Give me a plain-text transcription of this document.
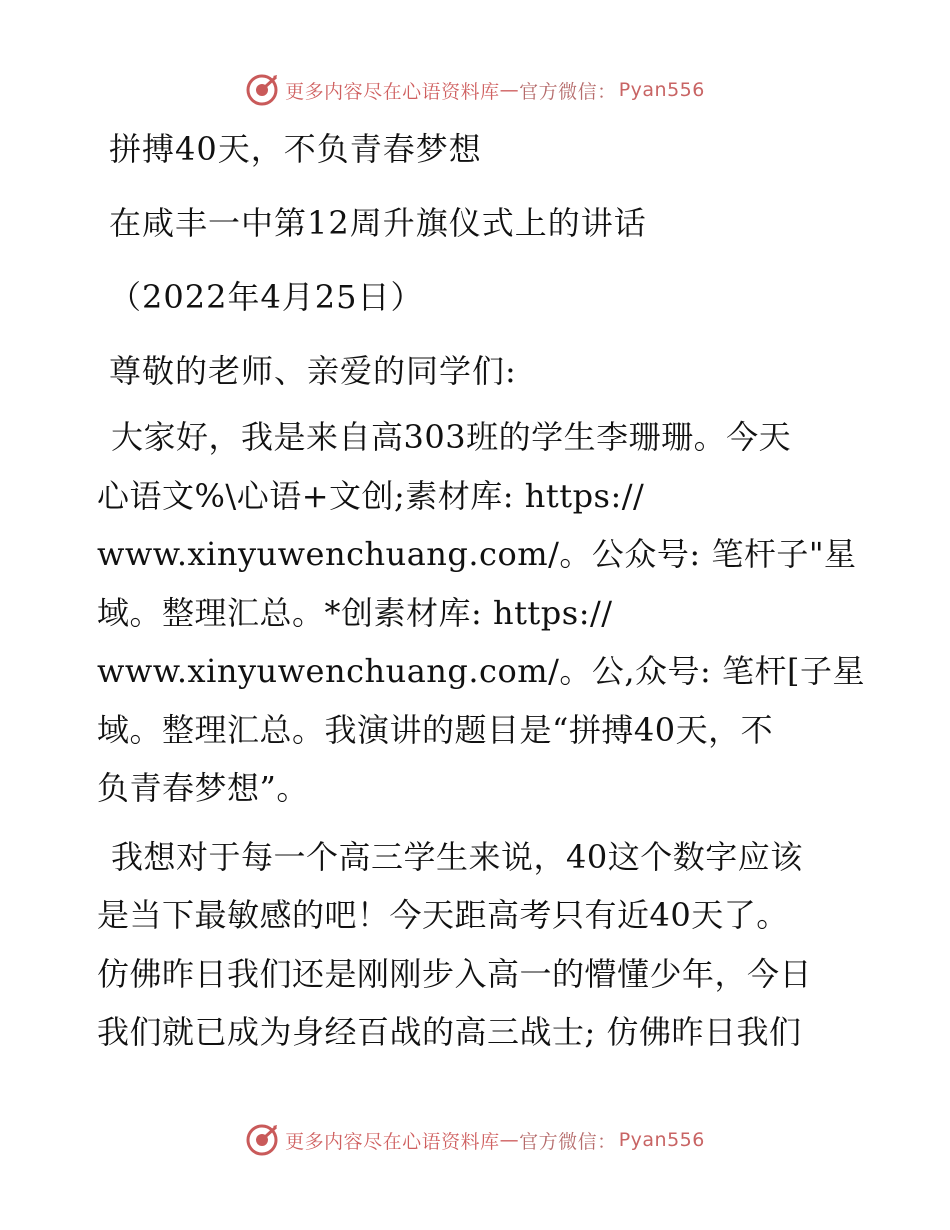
更多内容尽在心语资料库 — 官方微信： Pyan556
拼搏40天，不负青春梦想
在咸丰一中第12周升旗仪式上的讲话
（2022年4月25日）
尊敬的老师、亲爱的同学们:
大家好，我是来自高303班的学生李珊珊。今天
心语文%\心语+文创;素材库: https://
www.xinyuwenchuang.com/。公众号: 笔杆子"星
域。整理汇总。*创素材库: https://
www.xinyuwenchuang.com/。公,众号: 笔杆[子星
域。整理汇总。我演讲的题目是“拼搏40天，不
负青春梦想”。
我想对于每一个高三学生来说，40这个数字应该
是当下最敏感的吧！今天距高考只有近40天了。
仿佛昨日我们还是刚刚步入高一的懵懂少年，今日
我们就已成为身经百战的高三战士; 仿佛昨日我们
更多内容尽在心语资料库 — 官方微信： Pyan556
